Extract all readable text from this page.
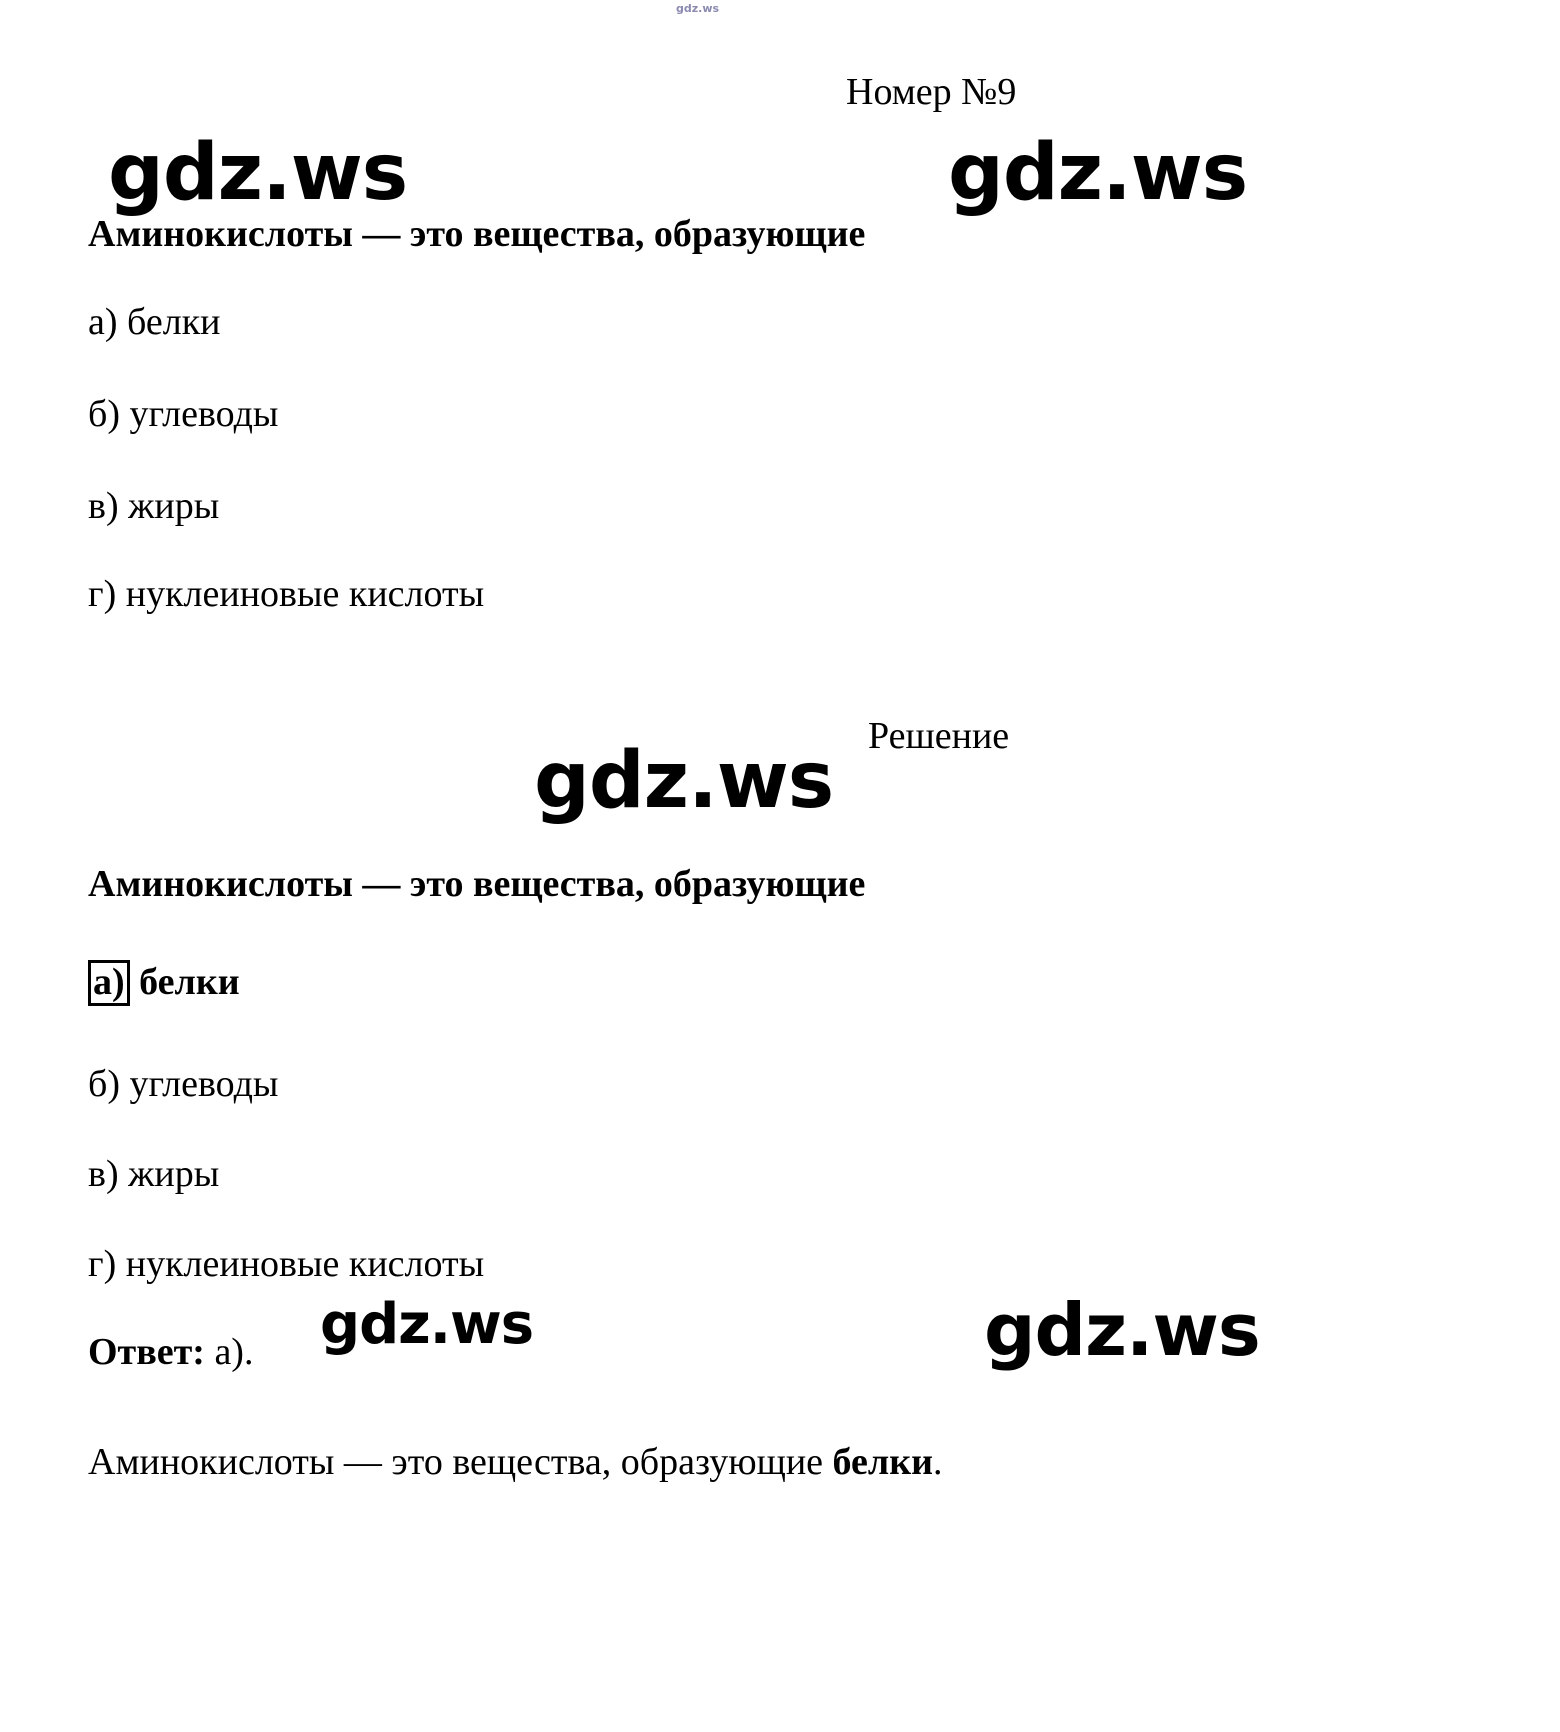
gdz.ws
gdz.ws	gdz.ws
gdz.ws
gdz.ws	gdz.ws
Номер №9
Аминокислоты — это вещества, образующие
а) белки
б) углеводы
в) жиры
г) нуклеиновые кислоты
Решение
Аминокислоты — это вещества, образующие
а) белки
б) углеводы
в) жиры
г) нуклеиновые кислоты
Ответ: а).
Аминокислоты — это вещества, образующие белки.
